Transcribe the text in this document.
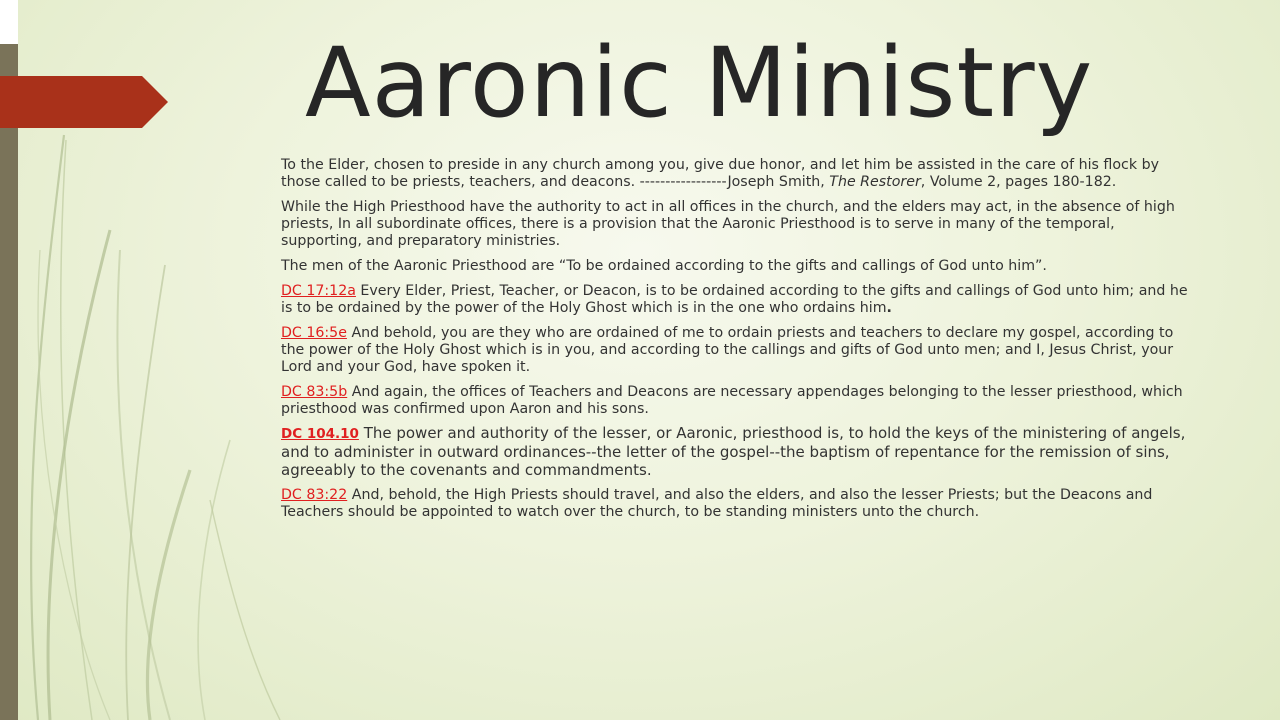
Aaronic Ministry

To the Elder, chosen to preside in any church among you, give due honor, and let him be assisted in the care of his flock by those called to be priests, teachers, and deacons. -----------------Joseph Smith, The Restorer, Volume 2, pages 180-182.

While the High Priesthood have the authority to act in all offices in the church, and the elders may act, in the absence of high priests, In all subordinate offices, there is a provision that the Aaronic Priesthood is to serve in many of the temporal, supporting, and preparatory ministries.

The men of the Aaronic Priesthood are “To be ordained according to the gifts and callings of God unto him”.

DC 17:12a Every Elder, Priest, Teacher, or Deacon, is to be ordained according to the gifts and callings of God unto him; and he is to be ordained by the power of the Holy Ghost which is in the one who ordains him.

DC 16:5e And behold, you are they who are ordained of me to ordain priests and teachers to declare my gospel, according to the power of the Holy Ghost which is in you, and according to the callings and gifts of God unto men; and I, Jesus Christ, your Lord and your God, have spoken it.

DC 83:5b And again, the offices of Teachers and Deacons are necessary appendages belonging to the lesser priesthood, which priesthood was confirmed upon Aaron and his sons.

DC 104.10 The power and authority of the lesser, or Aaronic, priesthood is, to hold the keys of the ministering of angels, and to administer in outward ordinances--the letter of the gospel--the baptism of repentance for the remission of sins, agreeably to the covenants and commandments.

DC 83:22 And, behold, the High Priests should travel, and also the elders, and also the lesser Priests; but the Deacons and Teachers should be appointed to watch over the church, to be standing ministers unto the church.
